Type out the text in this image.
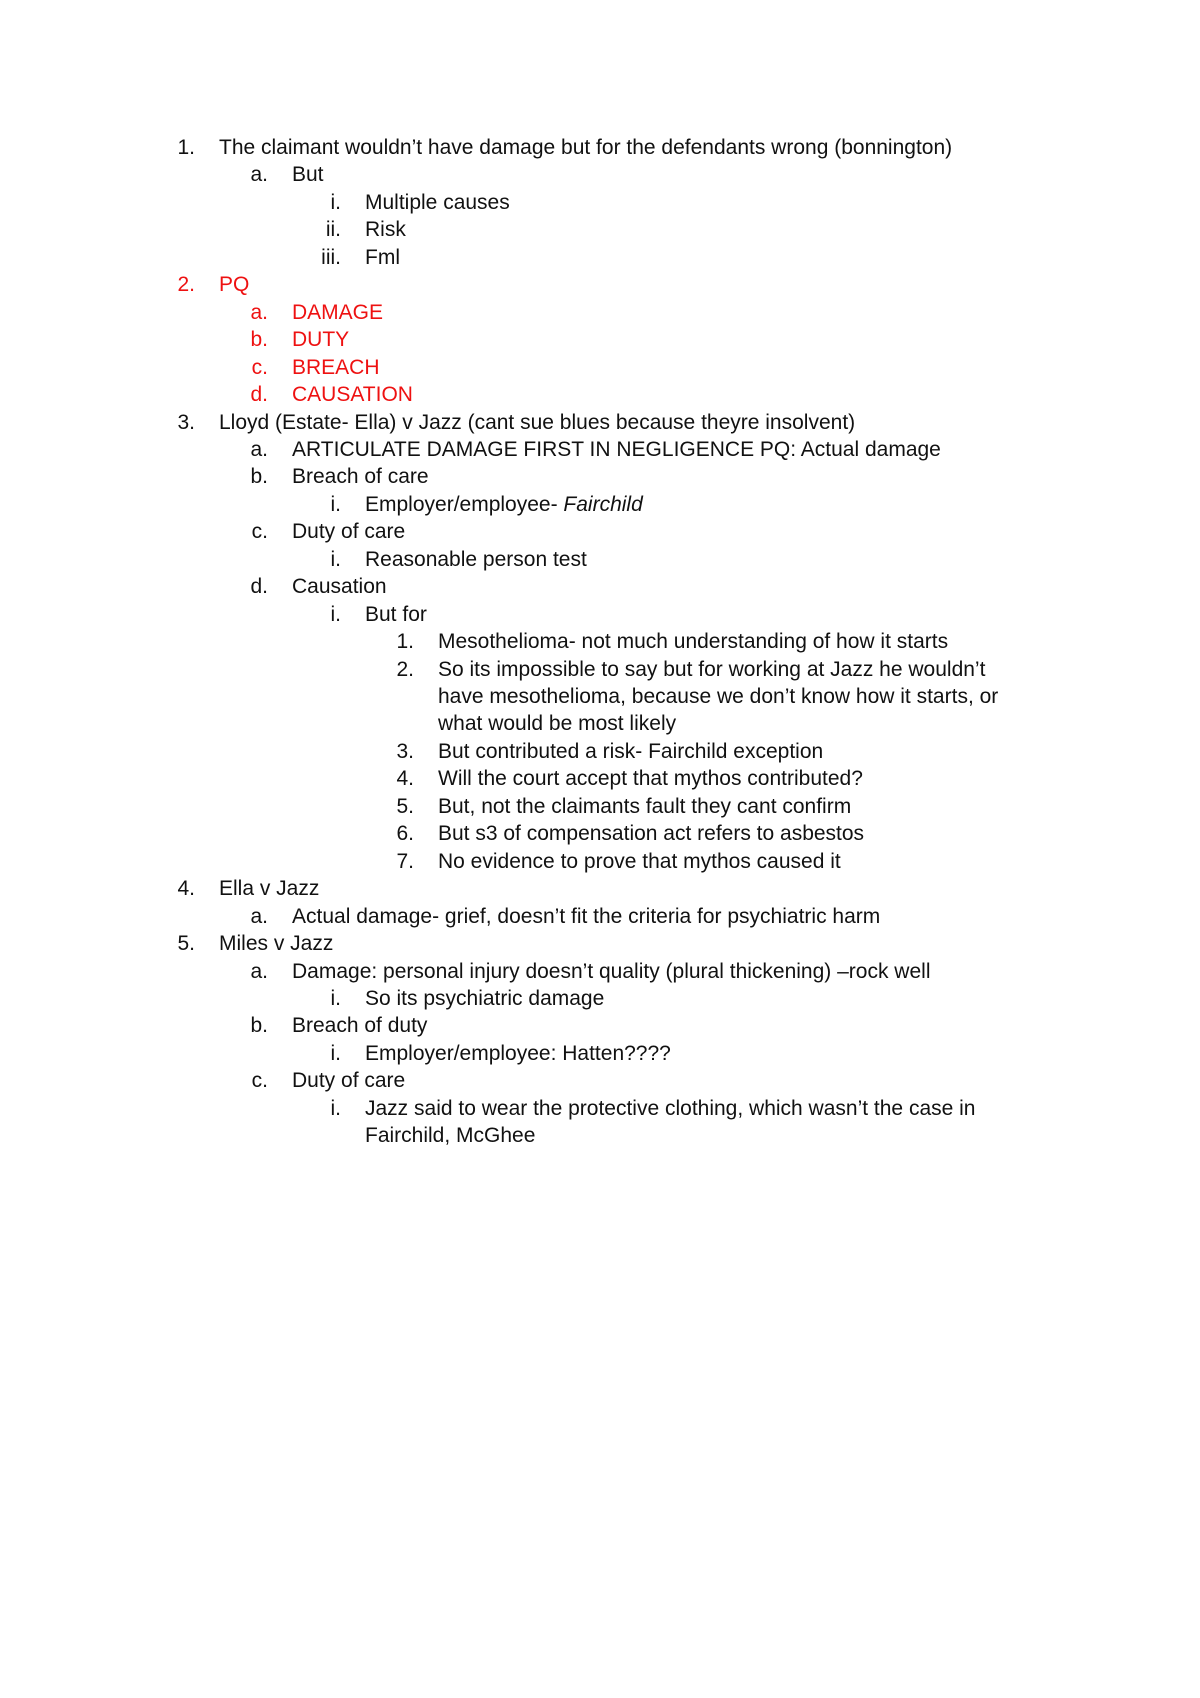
1. The claimant wouldn’t have damage but for the defendants wrong (bonnington)
a. But
i. Multiple causes
ii. Risk
iii. Fml
2. PQ
a. DAMAGE
b. DUTY
c. BREACH
d. CAUSATION
3. Lloyd (Estate- Ella) v Jazz (cant sue blues because theyre insolvent)
a. ARTICULATE DAMAGE FIRST IN NEGLIGENCE PQ: Actual damage
b. Breach of care
i. Employer/employee- Fairchild
c. Duty of care
i. Reasonable person test
d. Causation
i. But for
1. Mesothelioma- not much understanding of how it starts
2. So its impossible to say but for working at Jazz he wouldn’t
have mesothelioma, because we don’t know how it starts, or
what would be most likely
3. But contributed a risk- Fairchild exception
4. Will the court accept that mythos contributed?
5. But, not the claimants fault they cant confirm
6. But s3 of compensation act refers to asbestos
7. No evidence to prove that mythos caused it
4. Ella v Jazz
a. Actual damage- grief, doesn’t fit the criteria for psychiatric harm
5. Miles v Jazz
a. Damage: personal injury doesn’t quality (plural thickening) –rock well
i. So its psychiatric damage
b. Breach of duty
i. Employer/employee: Hatten????
c. Duty of care
i. Jazz said to wear the protective clothing, which wasn’t the case in
Fairchild, McGhee
